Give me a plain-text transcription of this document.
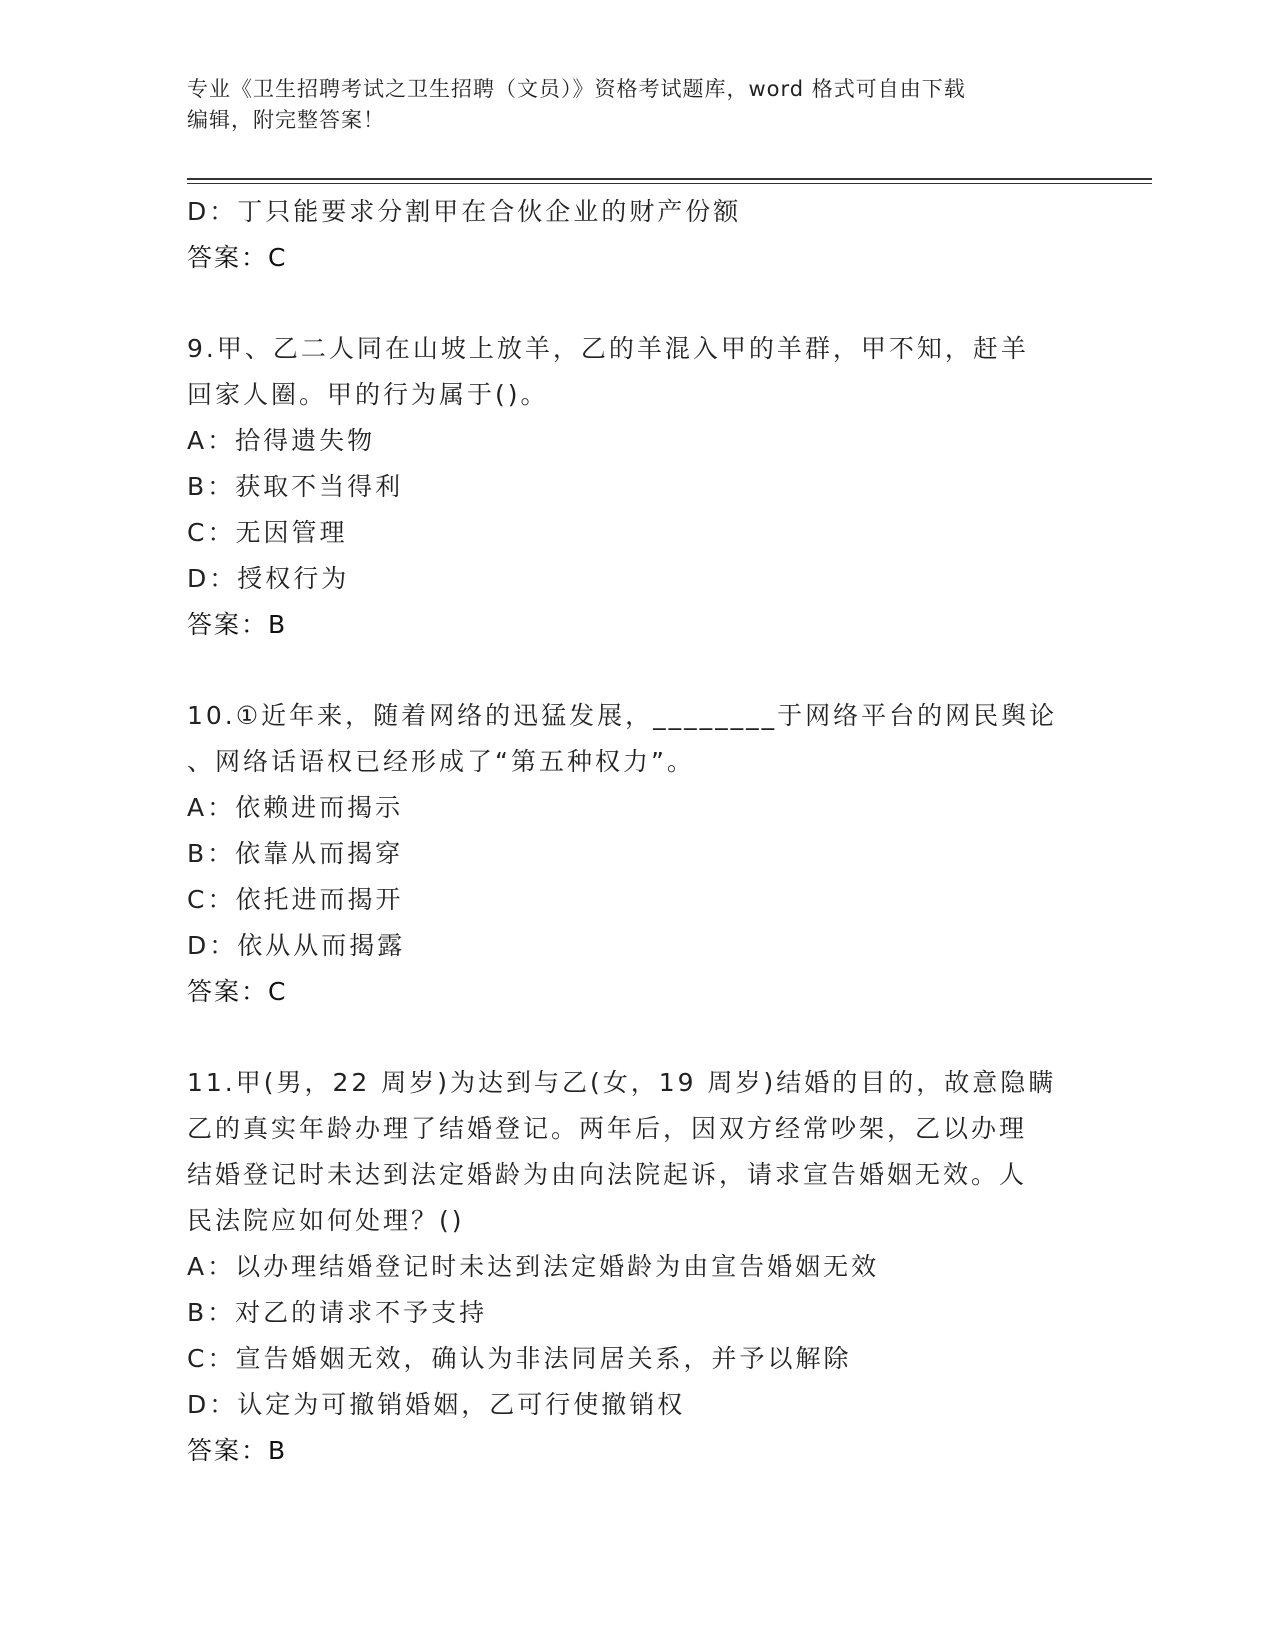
专业《卫生招聘考试之卫生招聘（文员）》资格考试题库，word 格式可自由下载
编辑，附完整答案！
D：丁只能要求分割甲在合伙企业的财产份额
答案：C
9.甲、乙二人同在山坡上放羊，乙的羊混入甲的羊群，甲不知，赶羊
回家人圈。甲的行为属于()。
A：拾得遗失物
B：获取不当得利
C：无因管理
D：授权行为
答案：B
10.①近年来，随着网络的迅猛发展，________于网络平台的网民舆论
、网络话语权已经形成了“第五种权力”。
A：依赖进而揭示
B：依靠从而揭穿
C：依托进而揭开
D：依从从而揭露
答案：C
11.甲(男，22 周岁)为达到与乙(女，19 周岁)结婚的目的，故意隐瞒
乙的真实年龄办理了结婚登记。两年后，因双方经常吵架，乙以办理
结婚登记时未达到法定婚龄为由向法院起诉，请求宣告婚姻无效。人
民法院应如何处理？()
A：以办理结婚登记时未达到法定婚龄为由宣告婚姻无效
B：对乙的请求不予支持
C：宣告婚姻无效，确认为非法同居关系，并予以解除
D：认定为可撤销婚姻，乙可行使撤销权
答案：B
